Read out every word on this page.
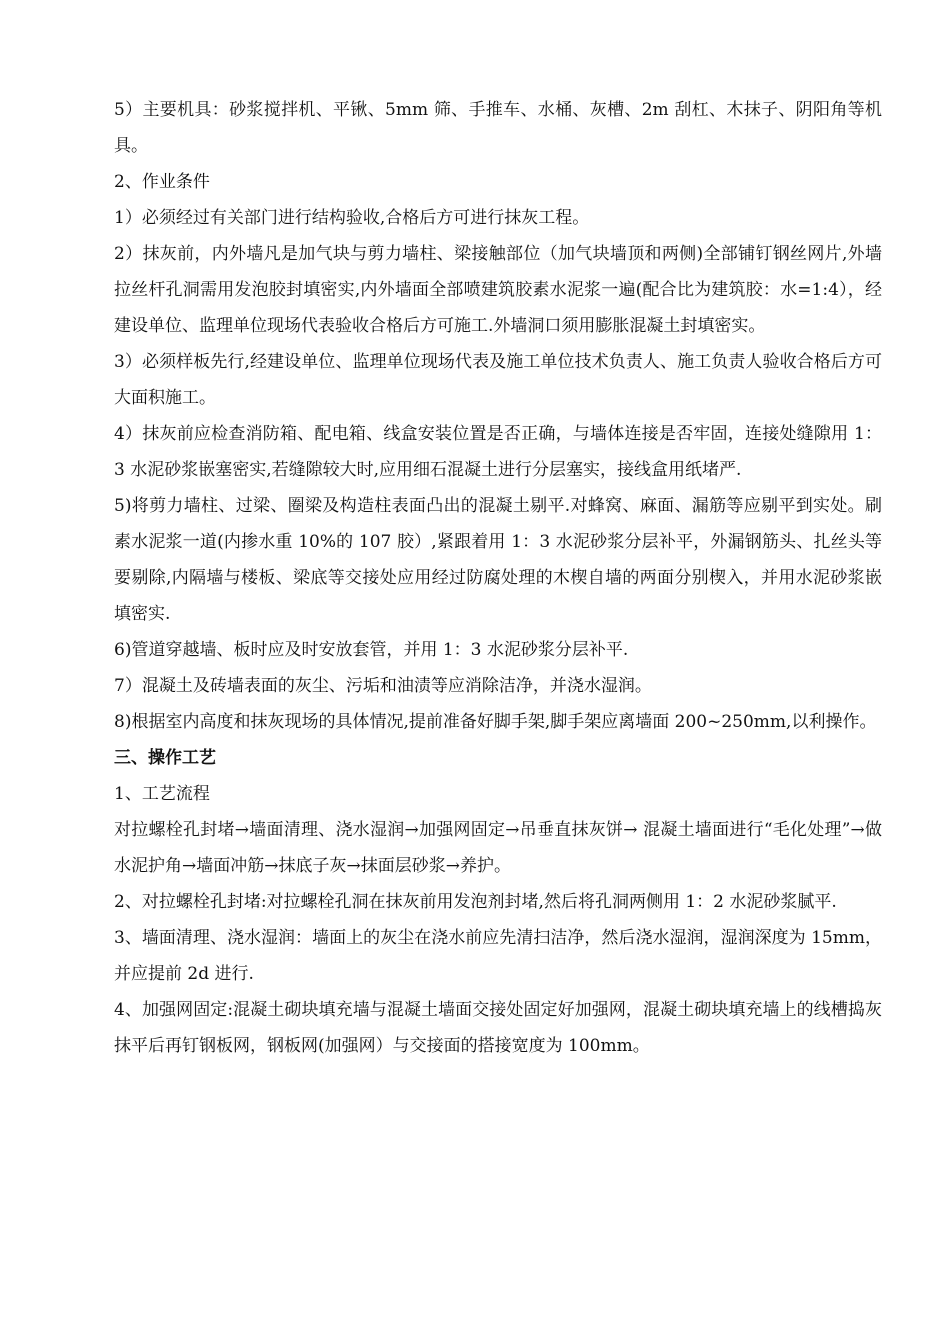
5）主要机具：砂浆搅拌机、平锹、5mm 筛、手推车、水桶、灰槽、2m 刮杠、木抹子、阴阳角等机具。

2、作业条件

1）必须经过有关部门进行结构验收,合格后方可进行抹灰工程。

2）抹灰前，内外墙凡是加气块与剪力墙柱、梁接触部位（加气块墙顶和两侧)全部铺钉钢丝网片,外墙拉丝杆孔洞需用发泡胶封填密实,内外墙面全部喷建筑胶素水泥浆一遍(配合比为建筑胶：水=1:4），经建设单位、监理单位现场代表验收合格后方可施工.外墙洞口须用膨胀混凝土封填密实。

3）必须样板先行,经建设单位、监理单位现场代表及施工单位技术负责人、施工负责人验收合格后方可大面积施工。

4）抹灰前应检查消防箱、配电箱、线盒安装位置是否正确，与墙体连接是否牢固，连接处缝隙用 1：3 水泥砂浆嵌塞密实,若缝隙较大时,应用细石混凝土进行分层塞实，接线盒用纸堵严.

5)将剪力墙柱、过梁、圈梁及构造柱表面凸出的混凝土剔平.对蜂窝、麻面、漏筋等应剔平到实处。刷素水泥浆一道(内掺水重 10%的 107 胶）,紧跟着用 1：3 水泥砂浆分层补平，外漏钢筋头、扎丝头等要剔除,内隔墙与楼板、梁底等交接处应用经过防腐处理的木楔自墙的两面分别楔入，并用水泥砂浆嵌填密实.

6)管道穿越墙、板时应及时安放套管，并用 1：3 水泥砂浆分层补平.

7）混凝土及砖墙表面的灰尘、污垢和油渍等应消除洁净，并浇水湿润。

8)根据室内高度和抹灰现场的具体情况,提前准备好脚手架,脚手架应离墙面 200~250mm,以利操作。

三、操作工艺

1、工艺流程

对拉螺栓孔封堵→墙面清理、浇水湿润→加强网固定→吊垂直抹灰饼→ 混凝土墙面进行“毛化处理”→做水泥护角→墙面冲筋→抹底子灰→抹面层砂浆→养护。

2、对拉螺栓孔封堵:对拉螺栓孔洞在抹灰前用发泡剂封堵,然后将孔洞两侧用 1：2 水泥砂浆腻平.

3、墙面清理、浇水湿润：墙面上的灰尘在浇水前应先清扫洁净，然后浇水湿润，湿润深度为 15mm，并应提前 2d 进行.

4、加强网固定:混凝土砌块填充墙与混凝土墙面交接处固定好加强网，混凝土砌块填充墙上的线槽捣灰抹平后再钉钢板网，钢板网(加强网）与交接面的搭接宽度为 100mm。
